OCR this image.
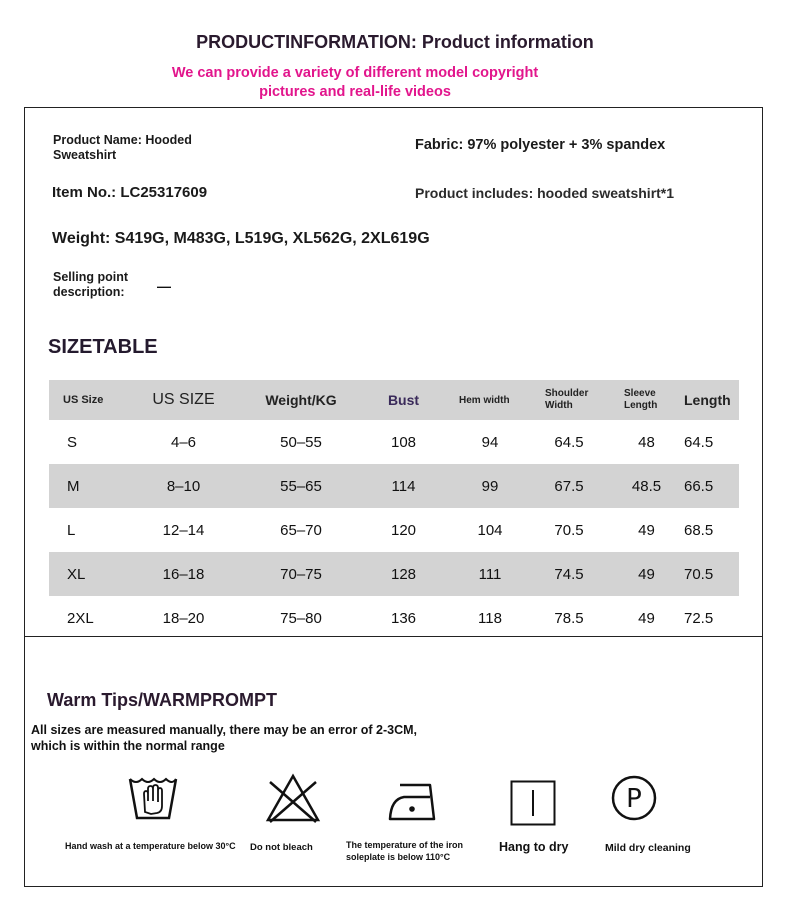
PRODUCTINFORMATION: Product information
We can provide a variety of different model copyright
pictures and real-life videos
Product Name: Hooded Sweatshirt
Fabric: 97% polyester + 3% spandex
Item No.: LC25317609	Product includes: hooded sweatshirt*1
Weight: S419G, M483G, L519G, XL562G, 2XL619G
Selling point description:	—
SIZETABLE
US Size	US SIZE	Weight/KG	Bust	Hem width	Shoulder Width	Sleeve Length	Length
S	4–6	50–55	108	94	64.5	48	64.5
M	8–10	55–65	114	99	67.5	48.5	66.5
L	12–14	65–70	120	104	70.5	49	68.5
XL	16–18	70–75	128	111	74.5	49	70.5
2XL	18–20	75–80	136	118	78.5	49	72.5
Warm Tips/WARMPROMPT
All sizes are measured manually, there may be an error of 2-3CM,
which is within the normal range
Hand wash at a temperature below 30°C	Do not bleach	The temperature of the iron soleplate is below 110°C
Hang to dry
P
Mild dry cleaning
